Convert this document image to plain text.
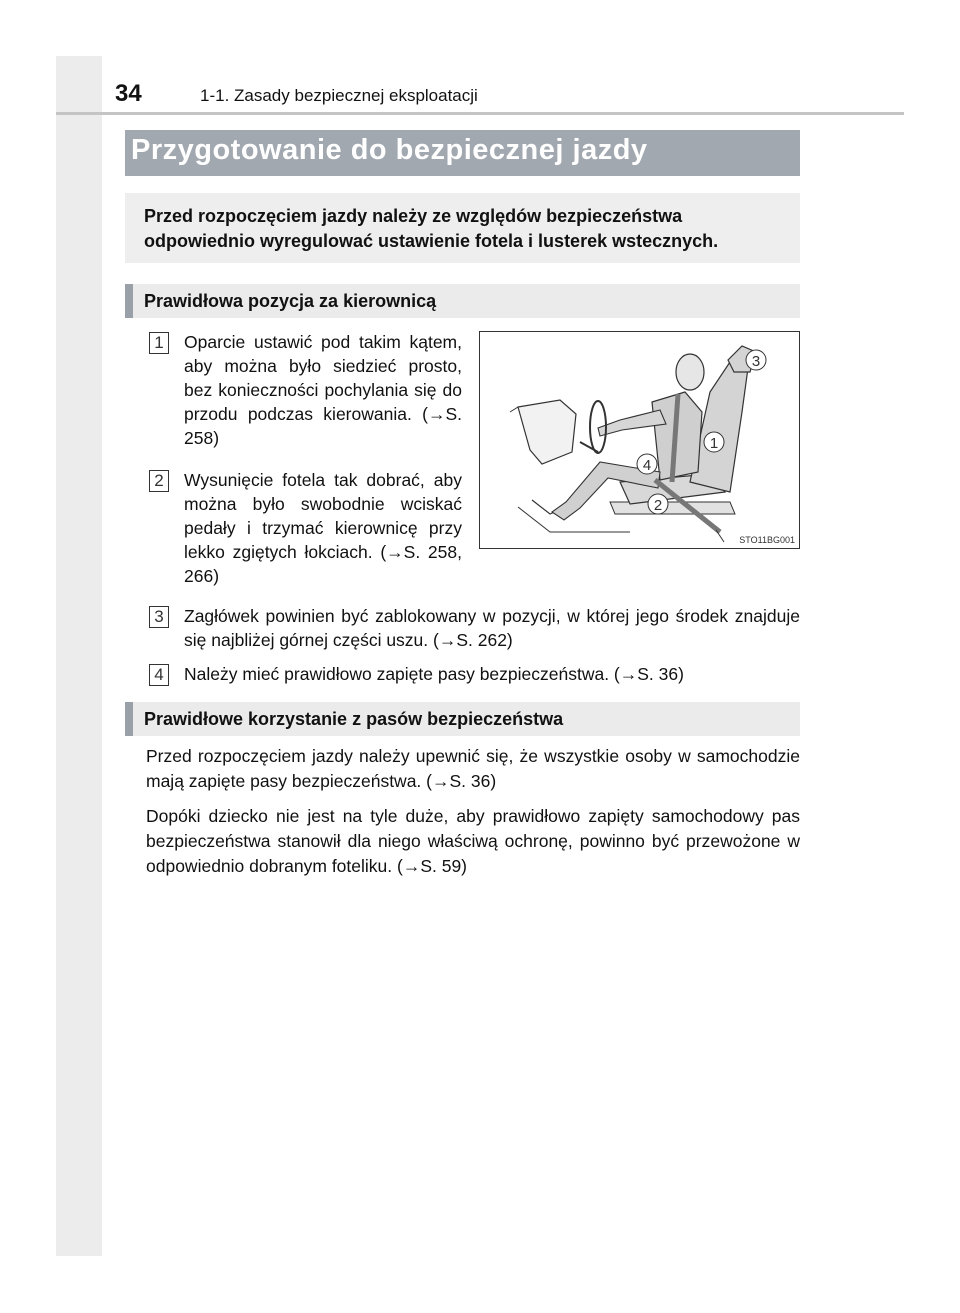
34	1-1. Zasady bezpiecznej eksploatacji
Przygotowanie do bezpiecznej jazdy
Przed rozpoczęciem jazdy należy ze względów bezpieczeństwa odpowiednio wyregulować ustawienie fotela i lusterek wstecznych.
Prawidłowa pozycja za kierownicą
1	Oparcie ustawić pod takim kątem, aby można było siedzieć prosto, bez konieczności pochylania się do przodu podczas kierowania. (→S. 258)
2	Wysunięcie fotela tak dobrać, aby można było swobodnie wciskać pedały i trzymać kierownicę przy lekko zgiętych łokciach. (→S. 258, 266)
3	Zagłówek powinien być zablokowany w pozycji, w której jego środek znajduje się najbliżej górnej części uszu. (→S. 262)
4	Należy mieć prawidłowo zapięte pasy bezpieczeństwa. (→S. 36)
3
1
4
2
STO11BG001
Prawidłowe korzystanie z pasów bezpieczeństwa
Przed rozpoczęciem jazdy należy upewnić się, że wszystkie osoby w samochodzie mają zapięte pasy bezpieczeństwa. (→S. 36)
Dopóki dziecko nie jest na tyle duże, aby prawidłowo zapięty samochodowy pas bezpieczeństwa stanowił dla niego właściwą ochronę, powinno być przewożone w odpowiednio dobranym foteliku. (→S. 59)
